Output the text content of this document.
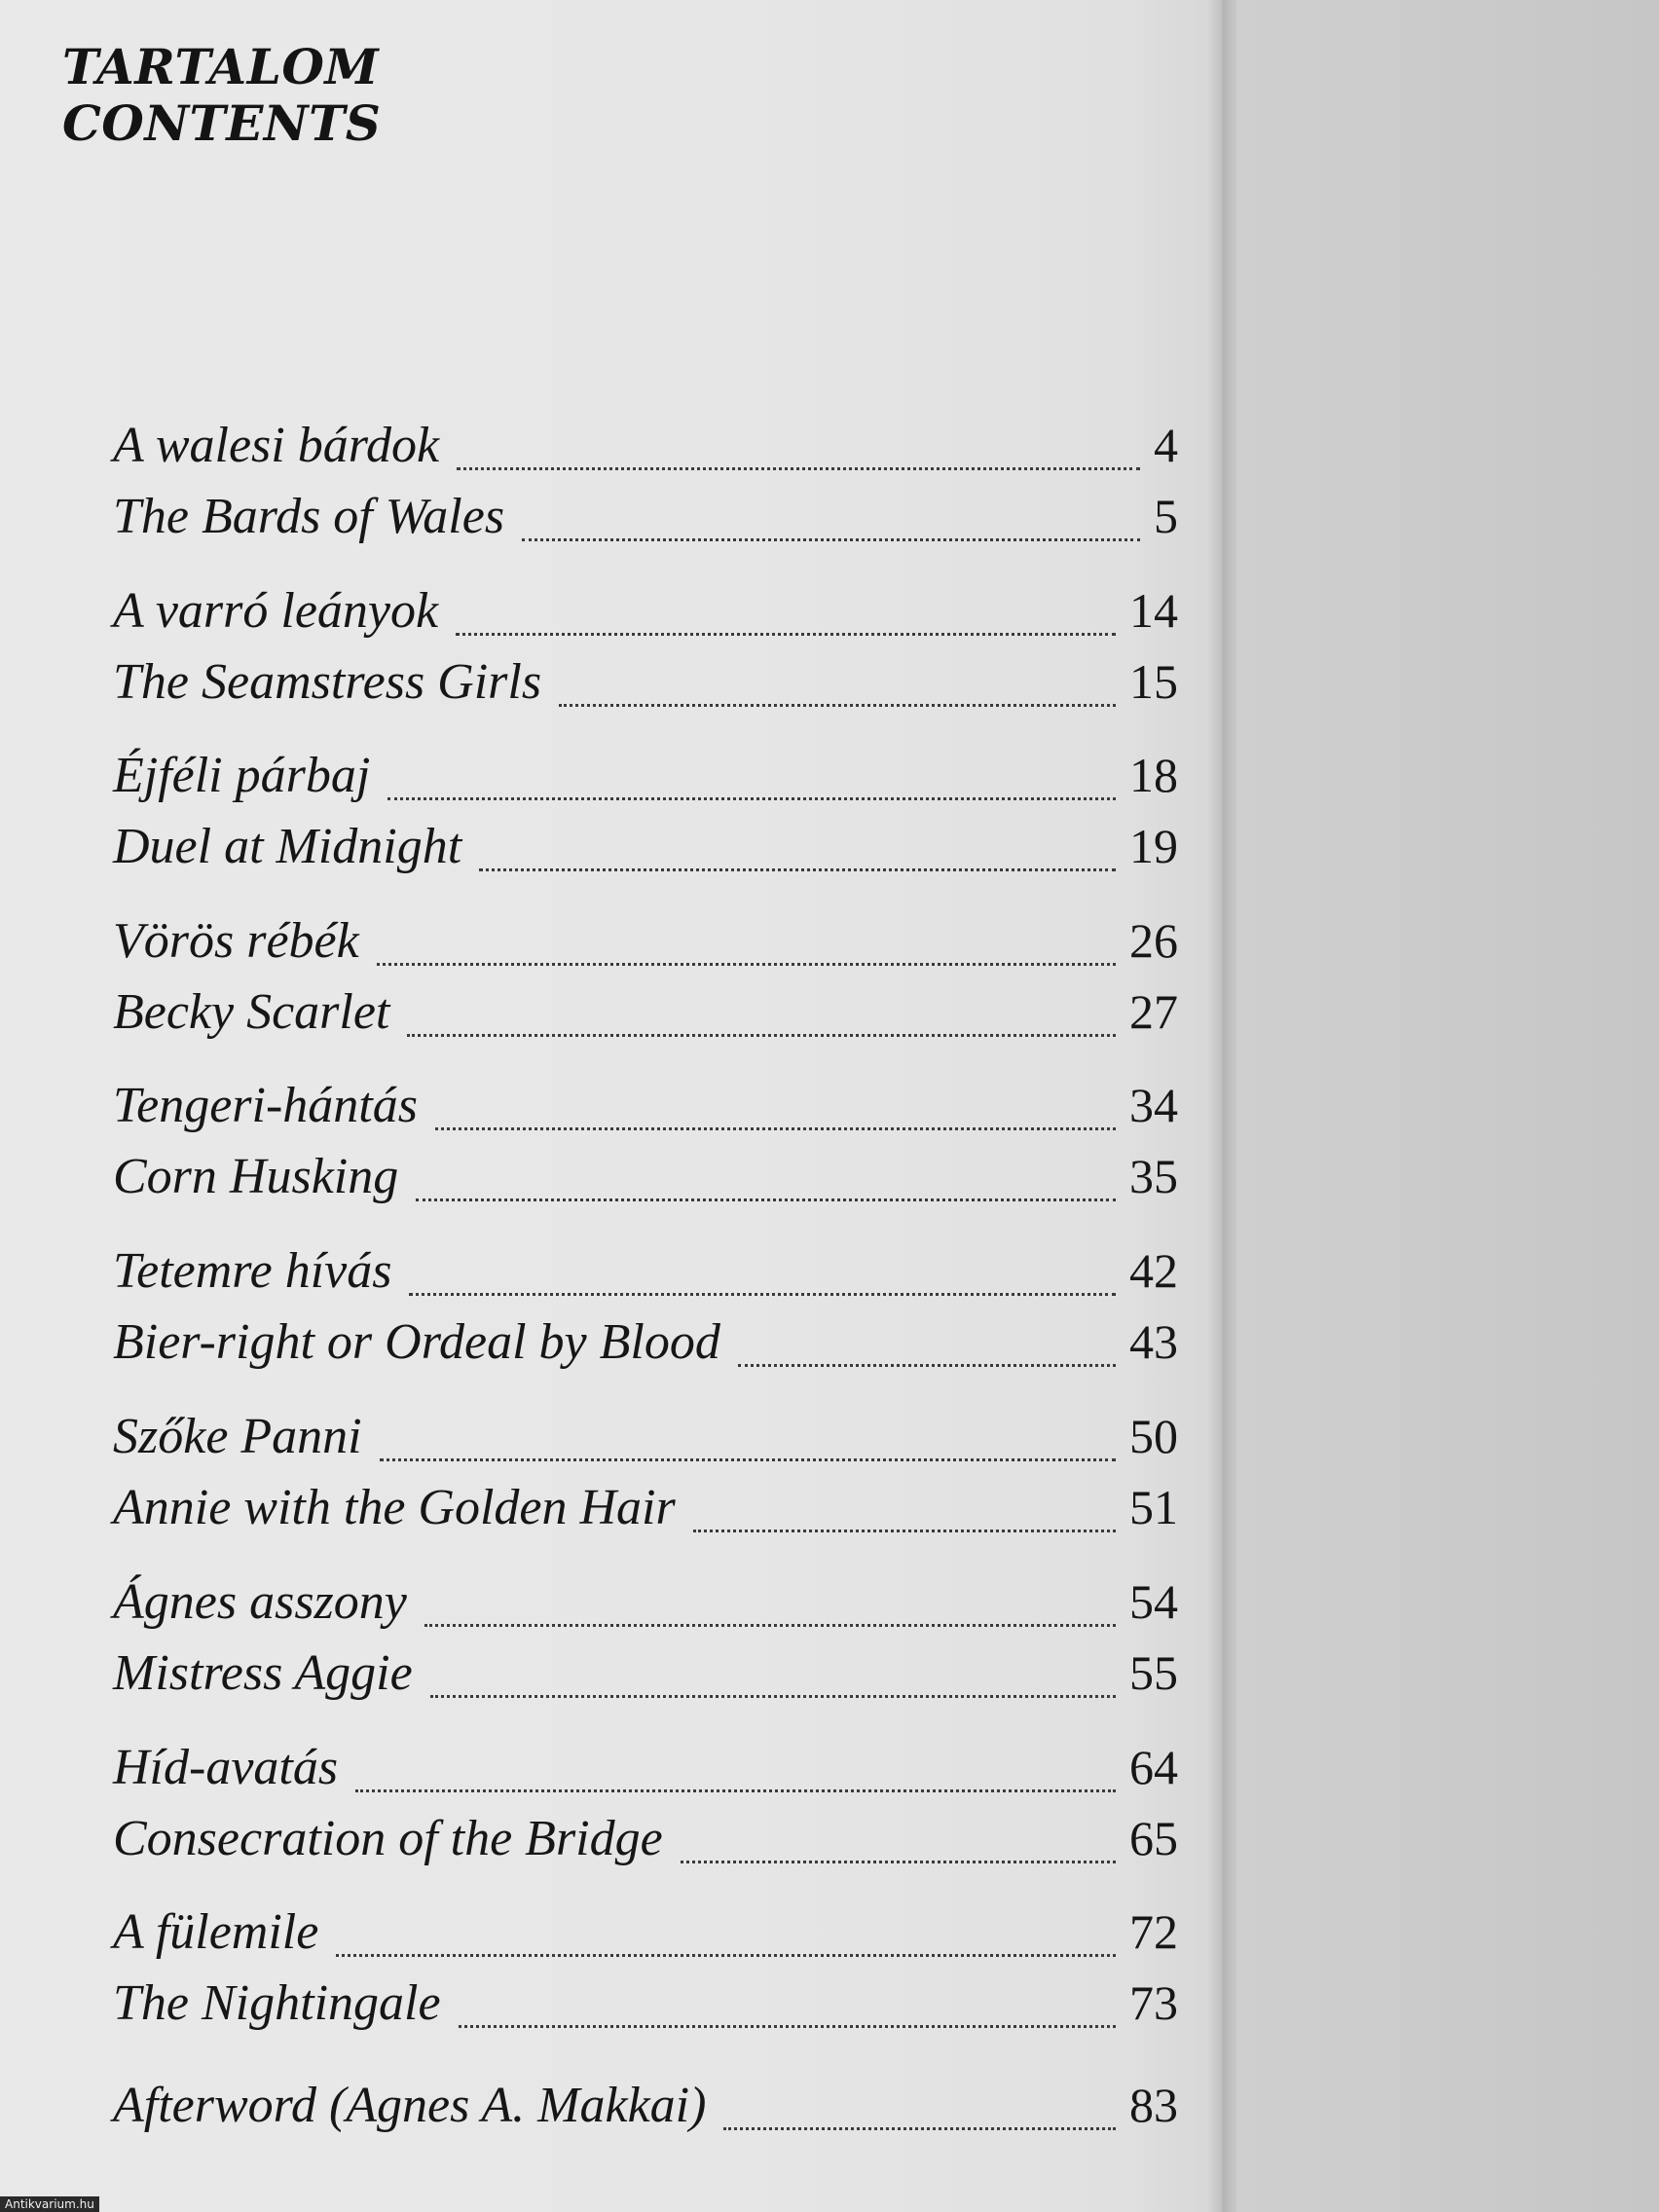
TARTALOM
CONTENTS
A walesi bárdok	4
The Bards of Wales	5
A varró leányok	14
The Seamstress Girls	15
Éjféli párbaj	18
Duel at Midnight	19
Vörös rébék	26
Becky Scarlet	27
Tengeri-hántás	34
Corn Husking	35
Tetemre hívás	42
Bier-right or Ordeal by Blood	43
Szőke Panni	50
Annie with the Golden Hair	51
Ágnes asszony	54
Mistress Aggie	55
Híd-avatás	64
Consecration of the Bridge	65
A fülemile	72
The Nightingale	73
Afterword (Agnes A. Makkai)	83
Antikvarium.hu
